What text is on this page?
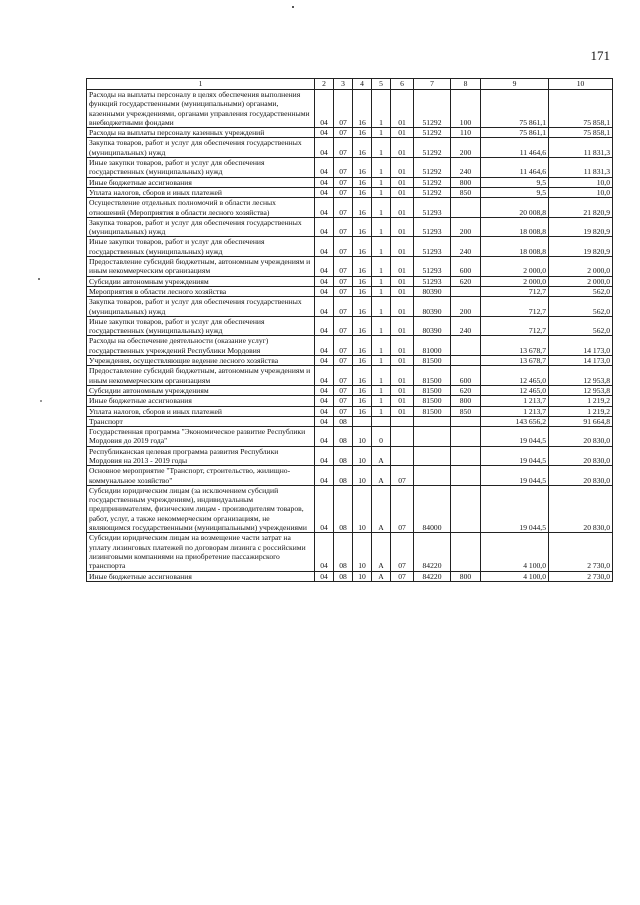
171
1	2	3	4	5	6	7	8	9	10
Расходы на выплаты персоналу в целях обеспечения выполнения функций государственными (муниципальными) органами, казенными учреждениями, органами управления государственными внебюджетными фондами	04	07	16	1	01	51292	100	75 861,1	75 858,1
Расходы на выплаты персоналу казенных учреждений	04	07	16	1	01	51292	110	75 861,1	75 858,1
Закупка товаров, работ и услуг для обеспечения государственных (муниципальных) нужд	04	07	16	1	01	51292	200	11 464,6	11 831,3
Иные закупки товаров, работ и услуг для обеспечения государственных (муниципальных) нужд	04	07	16	1	01	51292	240	11 464,6	11 831,3
Иные бюджетные ассигнования	04	07	16	1	01	51292	800	9,5	10,0
Уплата налогов, сборов и иных платежей	04	07	16	1	01	51292	850	9,5	10,0
Осуществление отдельных полномочий в области лесных отношений (Мероприятия в области лесного хозяйства)	04	07	16	1	01	51293		20 008,8	21 820,9
Закупка товаров, работ и услуг для обеспечения государственных (муниципальных) нужд	04	07	16	1	01	51293	200	18 008,8	19 820,9
Иные закупки товаров, работ и услуг для обеспечения государственных (муниципальных) нужд	04	07	16	1	01	51293	240	18 008,8	19 820,9
Предоставление субсидий бюджетным, автономным учреждениям и иным некоммерческим организациям	04	07	16	1	01	51293	600	2 000,0	2 000,0
Субсидии автономным учреждениям	04	07	16	1	01	51293	620	2 000,0	2 000,0
Мероприятия в области лесного хозяйства	04	07	16	1	01	80390		712,7	562,0
Закупка товаров, работ и услуг для обеспечения государственных (муниципальных) нужд	04	07	16	1	01	80390	200	712,7	562,0
Иные закупки товаров, работ и услуг для обеспечения государственных (муниципальных) нужд	04	07	16	1	01	80390	240	712,7	562,0
Расходы на обеспечение деятельности (оказание услуг) государственных учреждений Республики Мордовия	04	07	16	1	01	81000		13 678,7	14 173,0
Учреждения, осуществляющие ведение лесного хозяйства	04	07	16	1	01	81500		13 678,7	14 173,0
Предоставление субсидий бюджетным, автономным учреждениям и иным некоммерческим организациям	04	07	16	1	01	81500	600	12 465,0	12 953,8
Субсидии автономным учреждениям	04	07	16	1	01	81500	620	12 465,0	12 953,8
Иные бюджетные ассигнования	04	07	16	1	01	81500	800	1 213,7	1 219,2
Уплата налогов, сборов и иных платежей	04	07	16	1	01	81500	850	1 213,7	1 219,2
Транспорт	04	08						143 656,2	91 664,8
Государственная программа "Экономическое развитие Республики Мордовия до 2019 года"	04	08	10	0				19 044,5	20 830,0
Республиканская целевая программа развития Республики Мордовия на 2013 - 2019 годы	04	08	10	А				19 044,5	20 830,0
Основное мероприятие "Транспорт, строительство, жилищно-коммунальное хозяйство"	04	08	10	А	07			19 044,5	20 830,0
Субсидии юридическим лицам (за исключением субсидий государственным учреждениям), индивидуальным предпринимателям, физическим лицам - производителям товаров, работ, услуг, а также некоммерческим организациям, не являющимся государственными (муниципальными) учреждениями	04	08	10	А	07	84000		19 044,5	20 830,0
Субсидии юридическим лицам на возмещение части затрат на уплату лизинговых платежей по договорам лизинга с российскими лизинговыми компаниями на приобретение пассажирского транспорта	04	08	10	А	07	84220		4 100,0	2 730,0
Иные бюджетные ассигнования	04	08	10	А	07	84220	800	4 100,0	2 730,0
